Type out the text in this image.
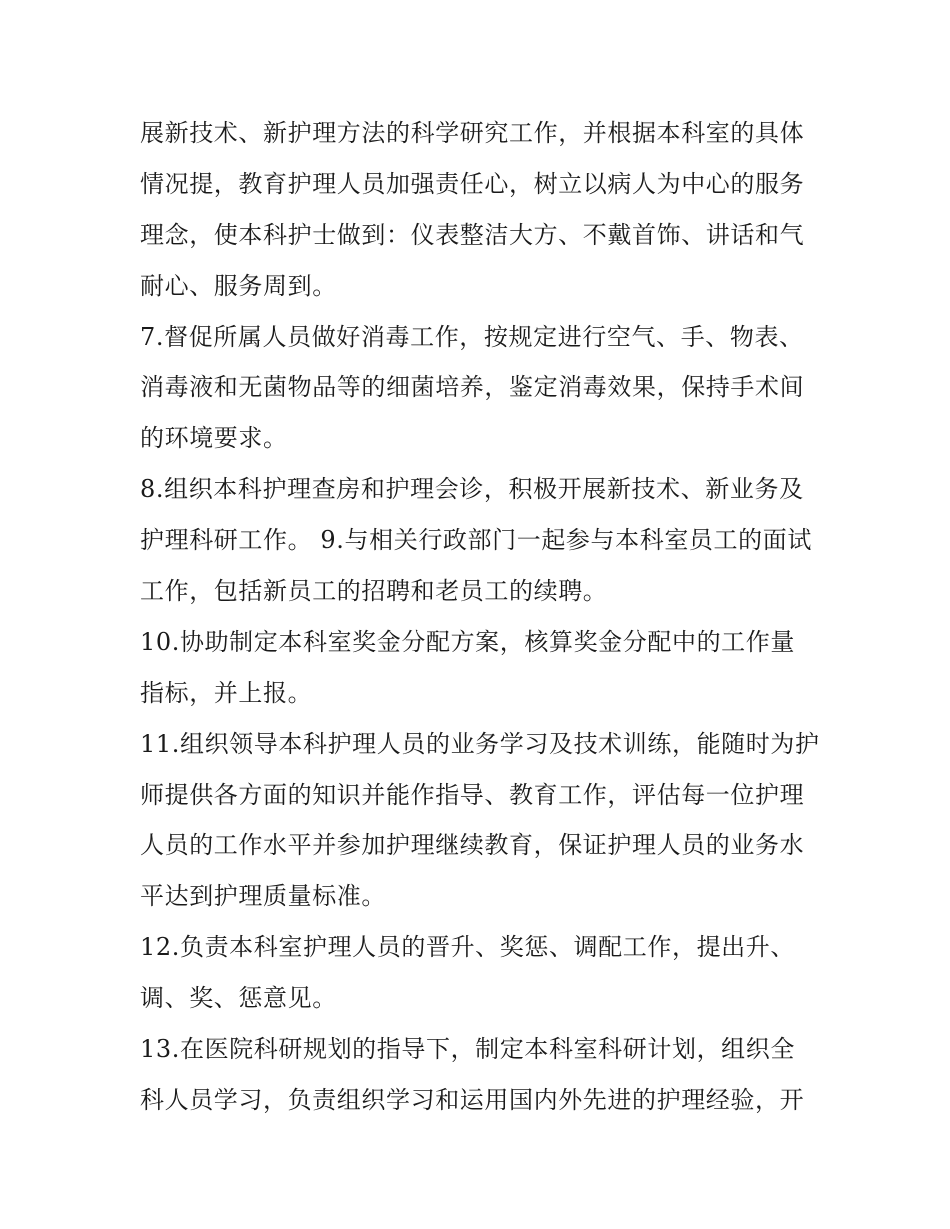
展新技术、新护理方法的科学研究工作，并根据本科室的具体
情况提，教育护理人员加强责任心，树立以病人为中心的服务
理念，使本科护士做到：仪表整洁大方、不戴首饰、讲话和气
耐心、服务周到。
7.督促所属人员做好消毒工作，按规定进行空气、手、物表、
消毒液和无菌物品等的细菌培养，鉴定消毒效果，保持手术间
的环境要求。
8.组织本科护理查房和护理会诊，积极开展新技术、新业务及
护理科研工作。 9.与相关行政部门一起参与本科室员工的面试
工作，包括新员工的招聘和老员工的续聘。
10.协助制定本科室奖金分配方案，核算奖金分配中的工作量
指标，并上报。
11.组织领导本科护理人员的业务学习及技术训练，能随时为护
师提供各方面的知识并能作指导、教育工作，评估每一位护理
人员的工作水平并参加护理继续教育，保证护理人员的业务水
平达到护理质量标准。
12.负责本科室护理人员的晋升、奖惩、调配工作，提出升、
调、奖、惩意见。
13.在医院科研规划的指导下，制定本科室科研计划，组织全
科人员学习，负责组织学习和运用国内外先进的护理经验，开
